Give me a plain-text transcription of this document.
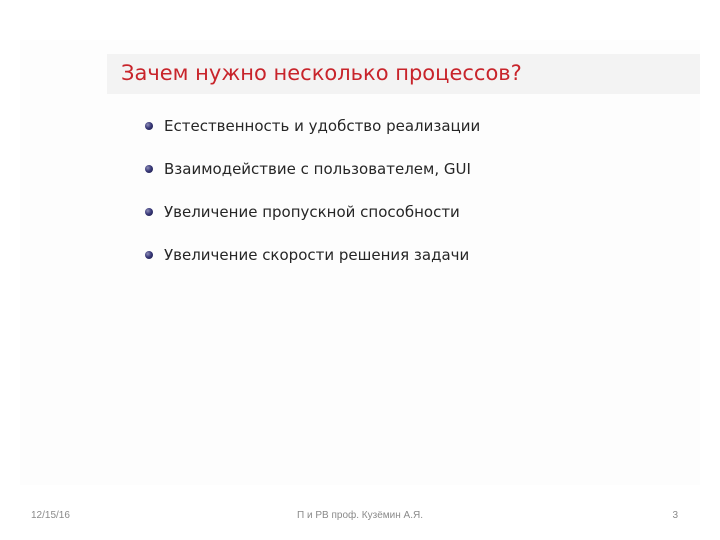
Зачем нужно несколько процессов?
Естественность и удобство реализации
Взаимодействие с пользователем, GUI
Увеличение пропускной способности
Увеличение скорости решения задачи
12/15/16	П и РВ проф. Кузёмин А.Я.	3
